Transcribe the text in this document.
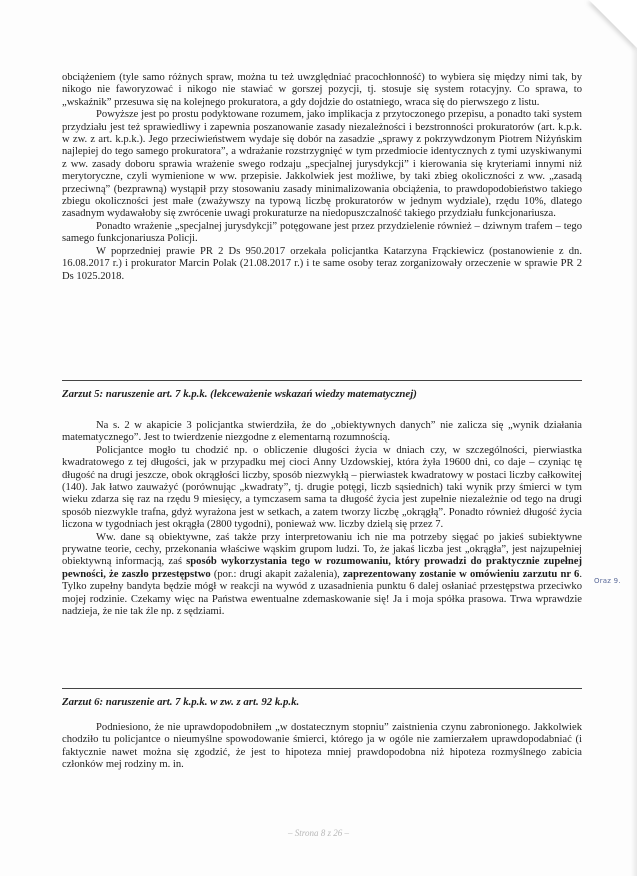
obciążeniem (tyle samo różnych spraw, można tu też uwzględniać pracochłonność) to wybiera się między nimi tak, by nikogo nie faworyzować i nikogo nie stawiać w gorszej pozycji, tj. stosuje się system rotacyjny. Co sprawa, to „wskaźnik” przesuwa się na kolejnego prokuratora, a gdy dojdzie do ostatniego, wraca się do pierwszego z listu.

Powyższe jest po prostu podyktowane rozumem, jako implikacja z przytoczonego przepisu, a ponadto taki system przydziału jest też sprawiedliwy i zapewnia poszanowanie zasady niezależności i bezstronności prokuratorów (art. k.p.k. w zw. z art. k.p.k.). Jego przeciwieństwem wydaje się dobór na zasadzie „sprawy z pokrzywdzonym Piotrem Niżyńskim najlepiej do tego samego prokuratora”, a wdrażanie rozstrzygnięć w tym przedmiocie identycznych z tymi uzyskiwanymi z ww. zasady doboru sprawia wrażenie swego rodzaju „specjalnej jurysdykcji” i kierowania się kryteriami innymi niż merytoryczne, czyli wymienione w ww. przepisie. Jakkolwiek jest możliwe, by taki zbieg okoliczności z ww. „zasadą przeciwną” (bezprawną) wystąpił przy stosowaniu zasady minimalizowania obciążenia, to prawdopodobieństwo takiego zbiegu okoliczności jest małe (zważywszy na typową liczbę prokuratorów w jednym wydziale), rzędu 10%, dlatego zasadnym wydawałoby się zwrócenie uwagi prokuraturze na niedopuszczalność takiego przydziału funkcjonariusza.

Ponadto wrażenie „specjalnej jurysdykcji” potęgowane jest przez przydzielenie również – dziwnym trafem – tego samego funkcjonariusza Policji.

W poprzedniej prawie PR 2 Ds 950.2017 orzekała policjantka Katarzyna Frąckiewicz (postanowienie z dn. 16.08.2017 r.) i prokurator Marcin Polak (21.08.2017 r.) i te same osoby teraz zorganizowały orzeczenie w sprawie PR 2 Ds 1025.2018.

Zarzut 5: naruszenie art. 7 k.p.k. (lekceważenie wskazań wiedzy matematycznej)

Na s. 2 w akapicie 3 policjantka stwierdziła, że do „obiektywnych danych” nie zalicza się „wynik działania matematycznego”. Jest to twierdzenie niezgodne z elementarną rozumnością.

Policjantce mogło tu chodzić np. o obliczenie długości życia w dniach czy, w szczególności, pierwiastka kwadratowego z tej długości, jak w przypadku mej cioci Anny Uzdowskiej, która żyła 19600 dni, co daje – czyniąc tę długość na drugi jeszcze, obok okrągłości liczby, sposób niezwykłą – pierwiastek kwadratowy w postaci liczby całkowitej (140). Jak łatwo zauważyć (porównując „kwadraty”, tj. drugie potęgi, liczb sąsiednich) taki wynik przy śmierci w tym wieku zdarza się raz na rzędu 9 miesięcy, a tymczasem sama ta długość życia jest zupełnie niezależnie od tego na drugi sposób niezwykle trafna, gdyż wyrażona jest w setkach, a zatem tworzy liczbę „okrągłą”. Ponadto również długość życia liczona w tygodniach jest okrągła (2800 tygodni), ponieważ ww. liczby dzielą się przez 7.

Ww. dane są obiektywne, zaś także przy interpretowaniu ich nie ma potrzeby sięgać po jakieś subiektywne prywatne teorie, cechy, przekonania właściwe wąskim grupom ludzi. To, że jakaś liczba jest „okrągła”, jest najzupełniej obiektywną informacją, zaś sposób wykorzystania tego w rozumowaniu, który prowadzi do praktycznie zupełnej pewności, że zaszło przestępstwo (por.: drugi akapit zażalenia), zaprezentowany zostanie w omówieniu zarzutu nr 6. Tylko zupełny bandyta będzie mógł w reakcji na wywód z uzasadnienia punktu 6 dalej osłaniać przestępstwa przeciwko mojej rodzinie. Czekamy więc na Państwa ewentualne zdemaskowanie się! Ja i moja spółka prasowa. Trwa wprawdzie nadzieja, że nie tak źle np. z sędziami.

Oraz 9.
Zarzut 6: naruszenie art. 7 k.p.k. w zw. z art. 92 k.p.k.

Podniesiono, że nie uprawdopodobniłem „w dostatecznym stopniu” zaistnienia czynu zabronionego. Jakkolwiek chodziło tu policjantce o nieumyślne spowodowanie śmierci, którego ja w ogóle nie zamierzałem uprawdopodabniać (i faktycznie nawet można się zgodzić, że jest to hipoteza mniej prawdopodobna niż hipoteza rozmyślnego zabicia członków mej rodziny m. in.

– Strona 8 z 26 –
